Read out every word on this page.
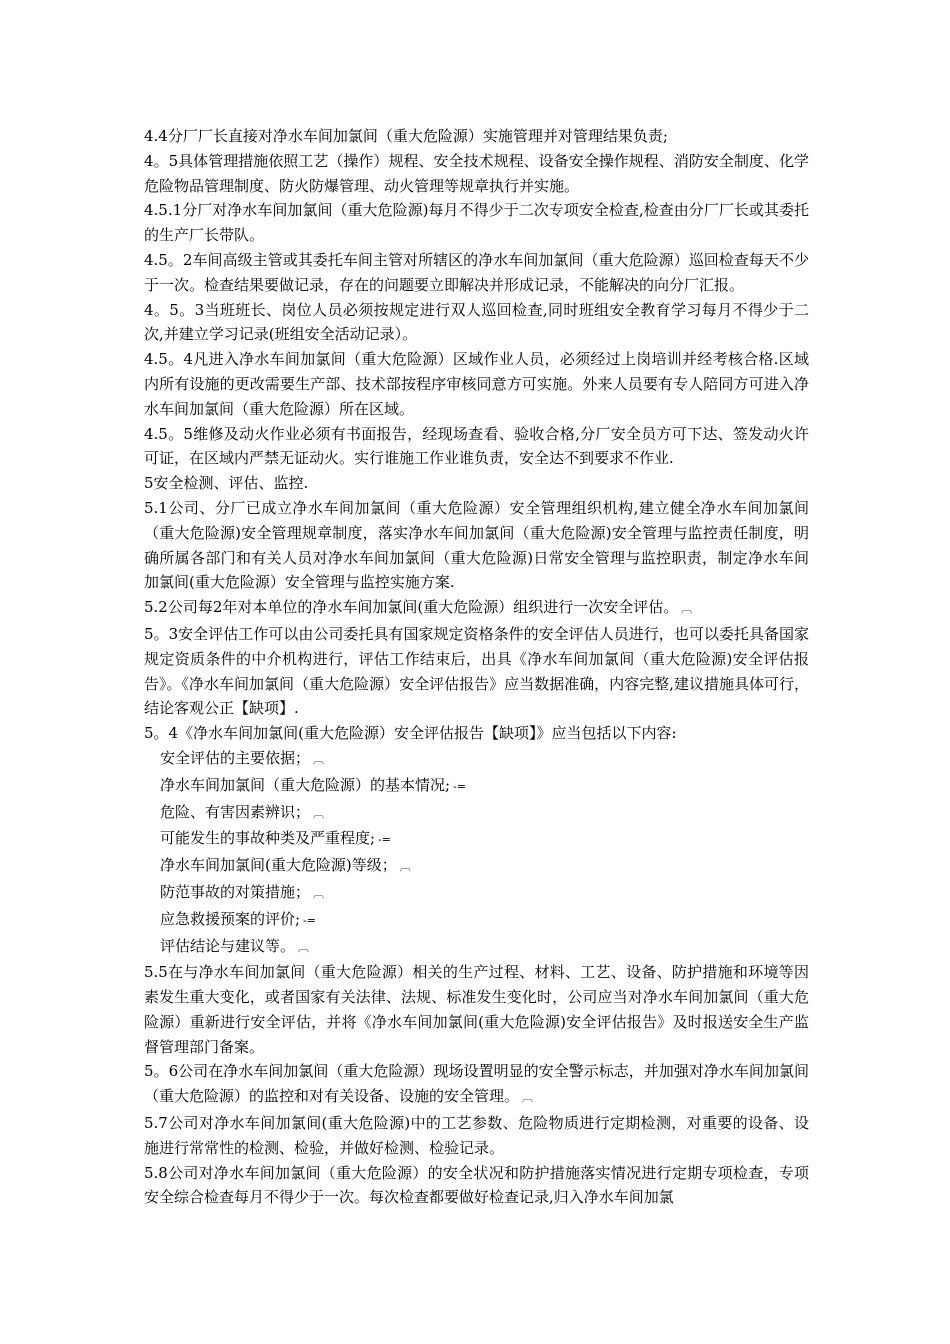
4.4分厂厂长直接对净水车间加氯间（重大危险源）实施管理并对管理结果负责;

4。5具体管理措施依照工艺（操作）规程、安全技术规程、设备安全操作规程、消防安全制度、化学危险物品管理制度、防火防爆管理、动火管理等规章执行并实施。

4.5.1分厂对净水车间加氯间（重大危险源)每月不得少于二次专项安全检查,检查由分厂厂长或其委托的生产厂长带队。

4.5。2车间高级主管或其委托车间主管对所辖区的净水车间加氯间（重大危险源）巡回检查每天不少于一次。检查结果要做记录，存在的问题要立即解决并形成记录，不能解决的向分厂汇报。

4。5。3当班班长、岗位人员必须按规定进行双人巡回检查,同时班组安全教育学习每月不得少于二次,并建立学习记录(班组安全活动记录）。

4.5。4凡进入净水车间加氯间（重大危险源）区域作业人员，必须经过上岗培训并经考核合格.区域内所有设施的更改需要生产部、技术部按程序审核同意方可实施。外来人员要有专人陪同方可进入净水车间加氯间（重大危险源）所在区域。

4.5。5维修及动火作业必须有书面报告，经现场查看、验收合格,分厂安全员方可下达、签发动火许可证，在区域内严禁无证动火。实行谁施工作业谁负责，安全达不到要求不作业.

5安全检测、评估、监控.

5.1公司、分厂已成立净水车间加氯间（重大危险源）安全管理组织机构,建立健全净水车间加氯间（重大危险源)安全管理规章制度，落实净水车间加氯间（重大危险源)安全管理与监控责任制度，明确所属各部门和有关人员对净水车间加氯间（重大危险源)日常安全管理与监控职责，制定净水车间加氯间(重大危险源）安全管理与监控实施方案.

5.2公司每2年对本单位的净水车间加氯间(重大危险源）组织进行一次安全评估。 ︹

5。3安全评估工作可以由公司委托具有国家规定资格条件的安全评估人员进行，也可以委托具备国家规定资质条件的中介机构进行，评估工作结束后，出具《净水车间加氯间（重大危险源)安全评估报告》。《净水车间加氯间（重大危险源）安全评估报告》应当数据准确，内容完整,建议措施具体可行，结论客观公正【缺项】.

5。4《净水车间加氯间(重大危险源）安全评估报告【缺项】》应当包括以下内容:

安全评估的主要依据； ︹

净水车间加氯间（重大危险源）的基本情况; -=

危险、有害因素辨识； ︹

可能发生的事故种类及严重程度; -=

净水车间加氯间(重大危险源)等级； ︹

防范事故的对策措施； ︹

应急救援预案的评价; -=

评估结论与建议等。 ︹

5.5在与净水车间加氯间（重大危险源）相关的生产过程、材料、工艺、设备、防护措施和环境等因素发生重大变化，或者国家有关法律、法规、标准发生变化时，公司应当对净水车间加氯间（重大危险源）重新进行安全评估，并将《净水车间加氯间(重大危险源)安全评估报告》及时报送安全生产监督管理部门备案。

5。6公司在净水车间加氯间（重大危险源）现场设置明显的安全警示标志，并加强对净水车间加氯间（重大危险源）的监控和对有关设备、设施的安全管理。 ︹

5.7公司对净水车间加氯间(重大危险源)中的工艺参数、危险物质进行定期检测，对重要的设备、设施进行常常性的检测、检验，并做好检测、检验记录。

5.8公司对净水车间加氯间（重大危险源）的安全状况和防护措施落实情况进行定期专项检查，专项安全综合检查每月不得少于一次。每次检查都要做好检查记录,归入净水车间加氯
